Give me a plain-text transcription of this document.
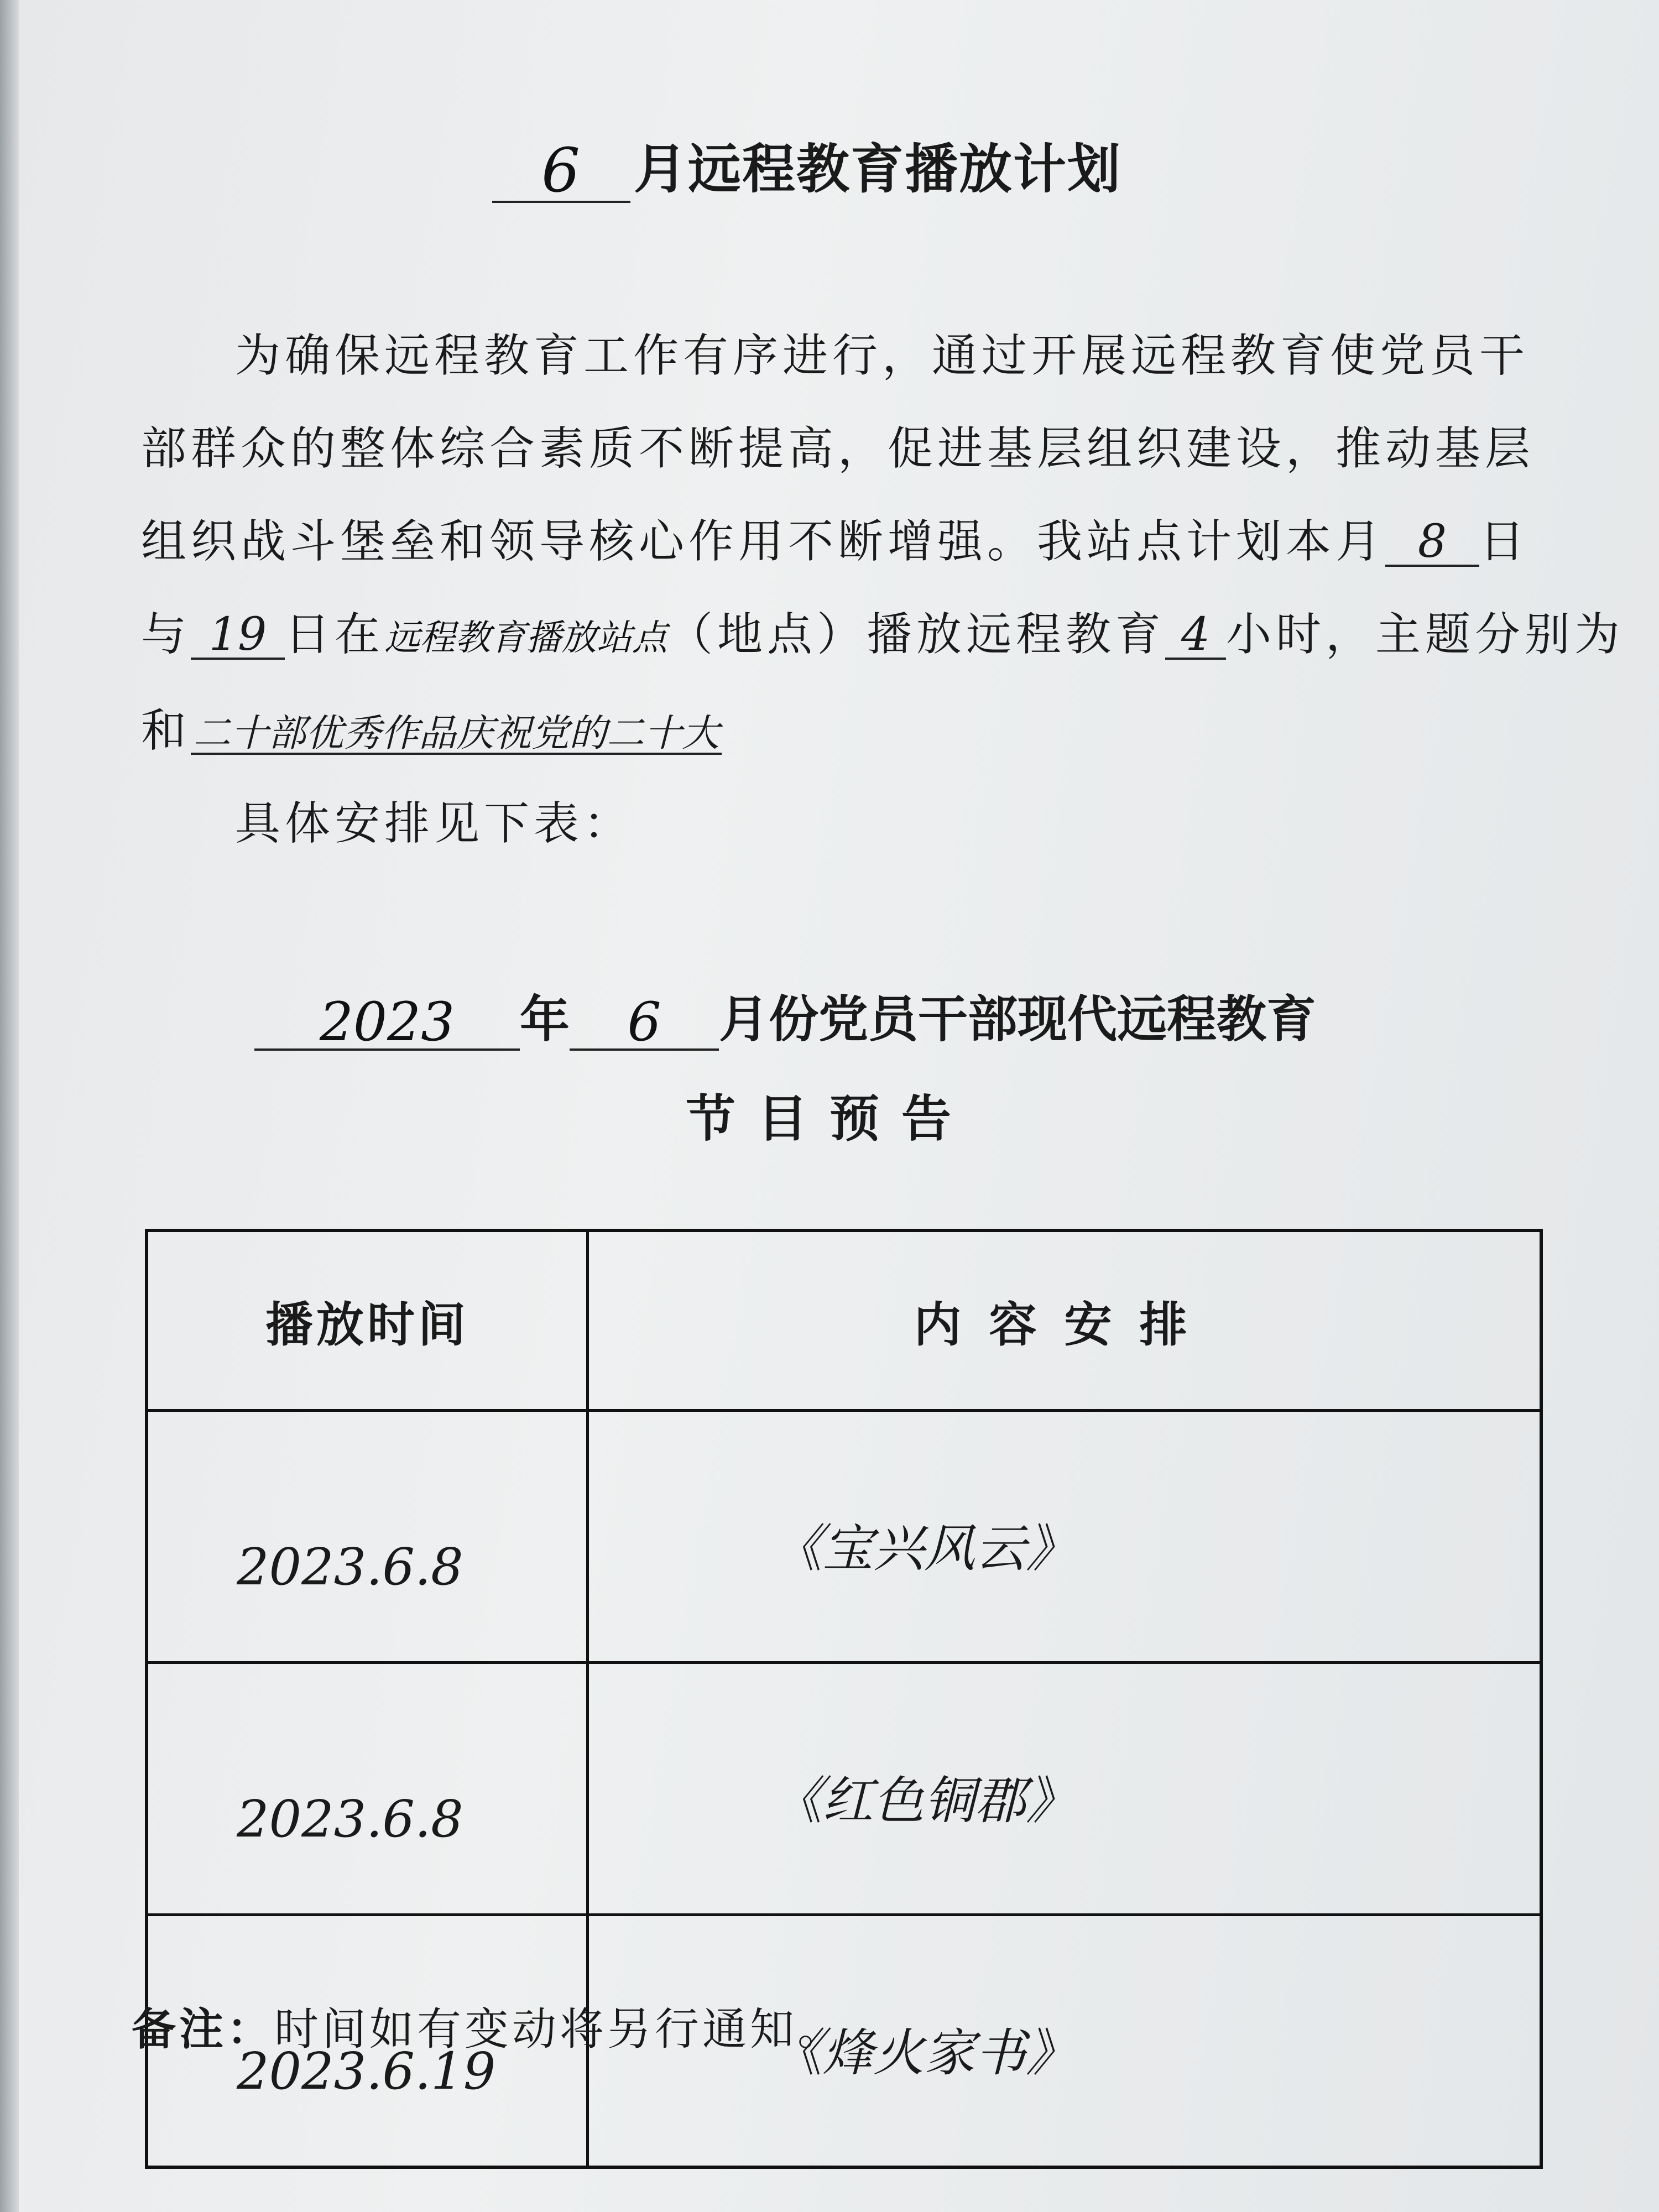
6 月远程教育播放计划

为确保远程教育工作有序进行，通过开展远程教育使党员干

部群众的整体综合素质不断提高，促进基层组织建设，推动基层

组织战斗堡垒和领导核心作用不断增强。我站点计划本月 8 日

与 19 日在远程教育播放站点（地点）播放远程教育 4 小时，主题分别为

和二十部优秀作品庆祝党的二十大

具体安排见下表：

2023	年	6	月份党员干部现代远程教育
节目预告
播放时间	内容安排
2023.6.8	《宝兴风云》
2023.6.8	《红色铜郡》
2023.6.19	《烽火家书》
备注：时间如有变动将另行通知。
